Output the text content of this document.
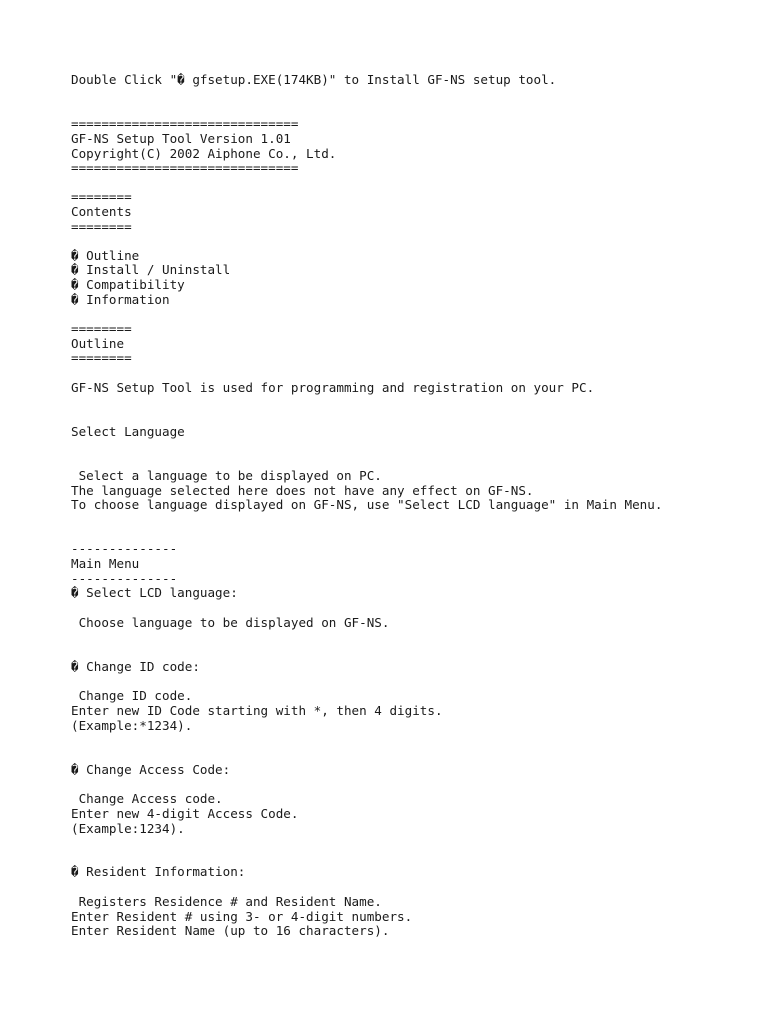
Double Click "� gfsetup.EXE(174KB)" to Install GF-NS setup tool.
==============================
GF-NS Setup Tool Version 1.01
Copyright(C) 2002 Aiphone Co., Ltd.
==============================
========
Contents
========
� Outline
� Install / Uninstall
� Compatibility
� Information
========
Outline
========
GF-NS Setup Tool is used for programming and registration on your PC.
Select Language
Select a language to be displayed on PC.
The language selected here does not have any effect on GF-NS.
To choose language displayed on GF-NS, use "Select LCD language" in Main Menu.
--------------
Main Menu
--------------
� Select LCD language:
Choose language to be displayed on GF-NS.
� Change ID code:
Change ID code.
Enter new ID Code starting with *, then 4 digits.
(Example:*1234).
� Change Access Code:
Change Access code.
Enter new 4-digit Access Code.
(Example:1234).
� Resident Information:
Registers Residence # and Resident Name.
Enter Resident # using 3- or 4-digit numbers.
Enter Resident Name (up to 16 characters).
